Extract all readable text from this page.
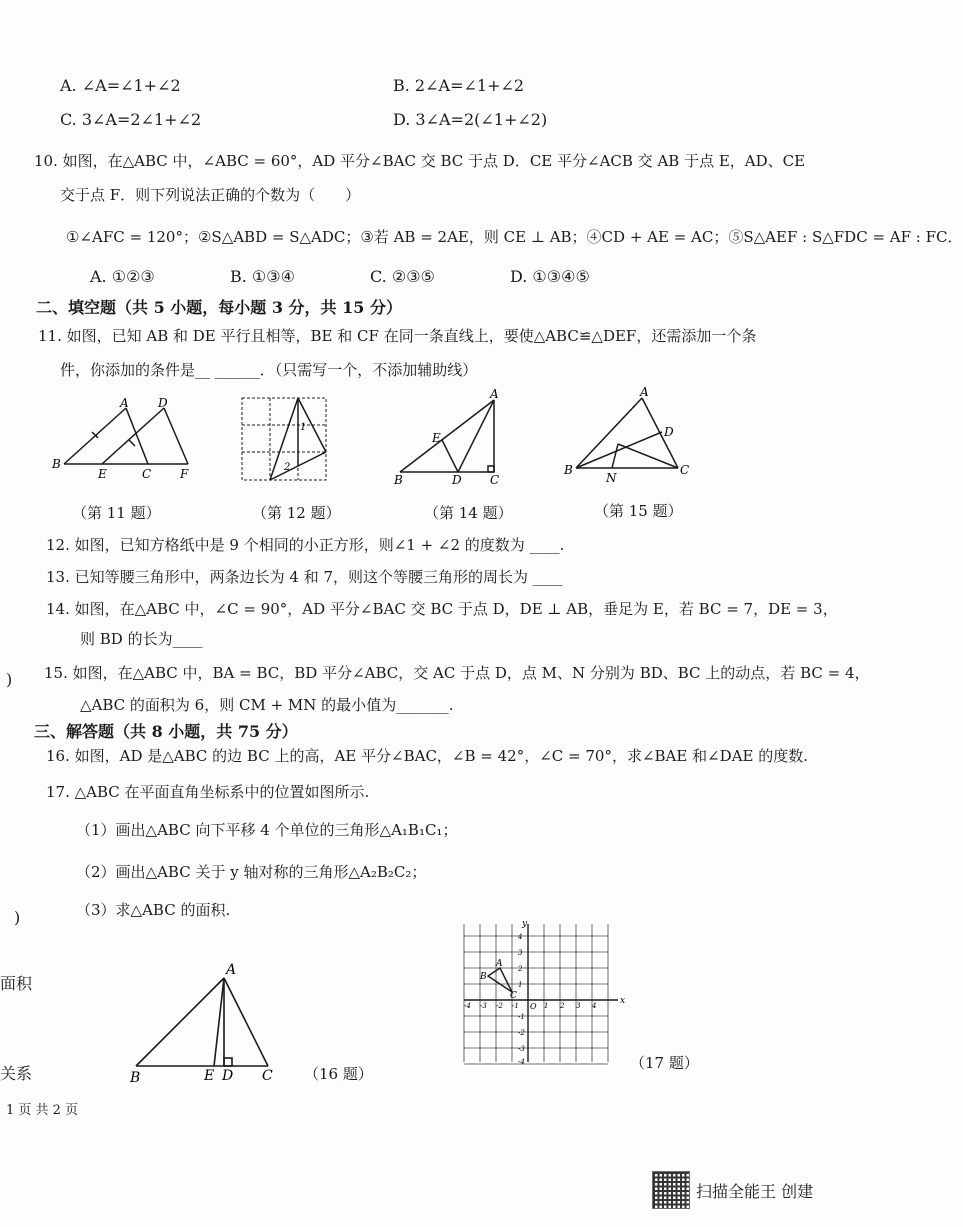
A. ∠A=∠1+∠2	B. 2∠A=∠1+∠2
C. 3∠A=2∠1+∠2	D. 3∠A=2(∠1+∠2)
10. 如图，在△ABC 中，∠ABC = 60°，AD 平分∠BAC 交 BC 于点 D．CE 平分∠ACB 交 AB 于点 E，AD、CE
交于点 F．则下列说法正确的个数为（　　）
①∠AFC = 120°；②S△ABD = S△ADC；③若 AB = 2AE，则 CE ⊥ AB；④CD + AE = AC；⑤S△AEF : S△FDC = AF : FC．
A. ①②③	B. ①③④	C. ②③⑤	D. ①③④⑤
二、填空题（共 5 小题，每小题 3 分，共 15 分）
11. 如图，已知 AB 和 DE 平行且相等，BE 和 CF 在同一条直线上，要使△ABC≌△DEF，还需添加一个条
件，你添加的条件是__ ______．（只需写一个，不添加辅助线）
B
A D
E	C F
1
2
A
E
B	D C
A
D
B	C
N
（第 11 题）	（第 12 题）	（第 14 题）	（第 15 题）
12. 如图，已知方格纸中是 9 个相同的小正方形，则∠1 + ∠2 的度数为 ____.
13. 已知等腰三角形中，两条边长为 4 和 7，则这个等腰三角形的周长为 ____
14. 如图，在△ABC 中，∠C = 90°，AD 平分∠BAC 交 BC 于点 D，DE ⊥ AB，垂足为 E，若 BC = 7，DE = 3，
则 BD 的长为____
15. 如图，在△ABC 中，BA = BC，BD 平分∠ABC，交 AC 于点 D，点 M、N 分别为 BD、BC 上的动点，若 BC = 4，
△ABC 的面积为 6，则 CM + MN 的最小值为_______.
三、解答题（共 8 小题，共 75 分）
16. 如图，AD 是△ABC 的边 BC 上的高，AE 平分∠BAC，∠B = 42°，∠C = 70°，求∠BAE 和∠DAE 的度数.
17. △ABC 在平面直角坐标系中的位置如图所示.
（1）画出△ABC 向下平移 4 个单位的三角形△A₁B₁C₁；
（2）画出△ABC 关于 y 轴对称的三角形△A₂B₂C₂；
（3）求△ABC 的面积.
A
B	E D C （16 题）
-4 -3 -2 -1	1 2 3 4
4
3
2
1
-1
-2
-3
-4
A
B
C	x
y
O
（17 题）
)
)
面积
关系
1 页 共 2 页
扫描全能王 创建
